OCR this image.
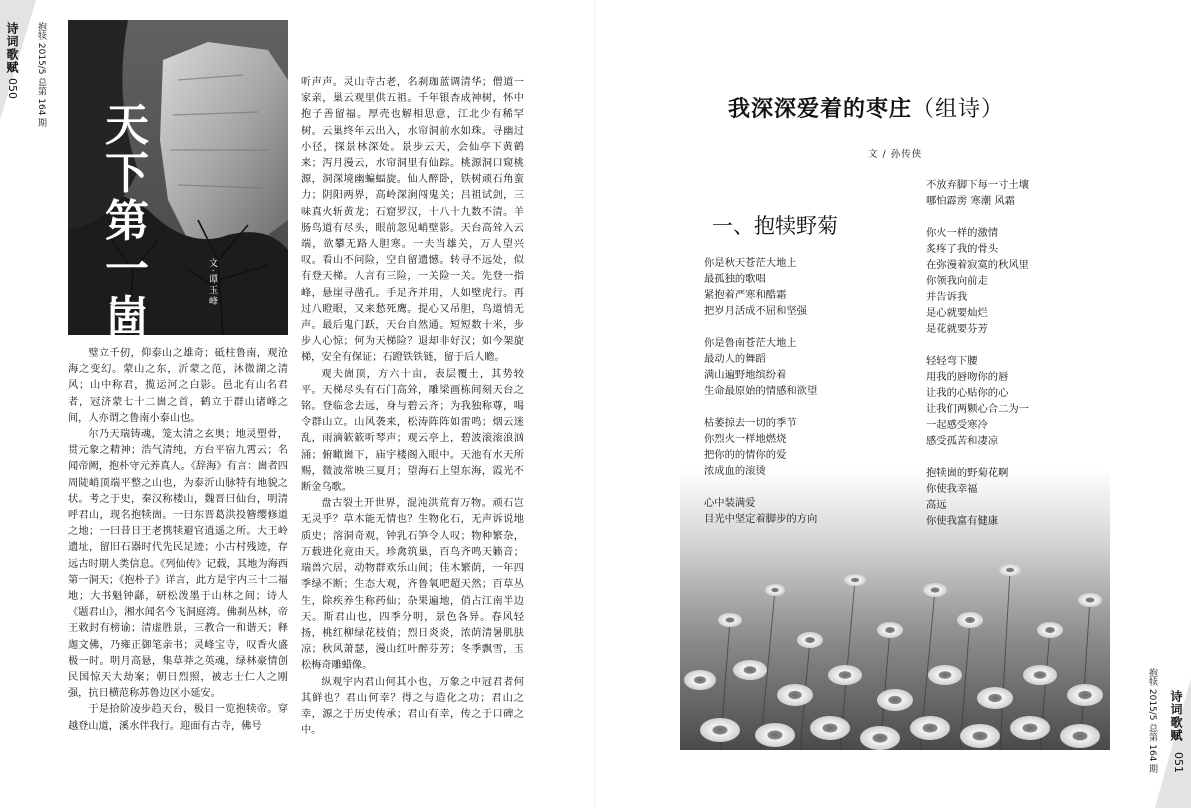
诗词歌赋
050 抱犊 2015/5 总第 164 期 天
下
第
一
崮
赋
文·谭玉峰

璧立千仞，仰泰山之雄奇；砥柱鲁南，观沧海之变幻。蒙山之东，沂蒙之范，沐微湖之清风；山中称君，揽运河之白影。邑北有山名君者，冠济蒙七十二崮之首，鹤立于群山诸峰之间，人亦谓之鲁南小泰山也。

尔乃天瑞铸魂，笼太清之玄奥；地灵塑骨，贯元象之精神；浩气清纯，方台平宿九霄云；名闻帝阙，抱朴守元养真人。《辞海》有言：崮者四周陡峭顶端平整之山也，为泰沂山脉特有地貌之状。考之于史，秦汉称楼山，魏晋曰仙台，明清呼君山，现名抱犊崮。一曰东晋葛洪投簪缨修道之地；一曰昔日王老携犊避官逍遥之所。大王岭遗址，留旧石器时代先民足迹；小古村残迹，存远古时期人类信息。《列仙传》记载，其地为海西第一洞天；《抱朴子》详言，此方是宇内三十二福地；大书魁钟繇，研松泼墨于山林之间；诗人《题君山》，湘水闻名今飞洞庭湾。佛刹丛林，帝王敕封有榜谕；清虚胜景，三教合一和谐天；释迦文佛，乃雍正御笔亲书；灵峰宝寺，叹香火盛极一时。明月高悬，集草莽之英魂，绿林豪情创民国惊天大劫案；朝日烈照，被志士仁人之刚强，抗日横范称苏鲁边区小延安。

于是拾阶凌步趋天台，极目一览抱犊帝。穿越登山道，溪水伴我行。迎面有古寺，佛号

听声声。灵山寺古老，名刹珈蓝调清华；僧道一家亲，巢云观里供五祖。千年银杏成神树，怀中抱子善留福。厚壳也解相思意，江北少有稀罕树。云巢终年云出入，水帘洞前水如珠。寻幽过小径，探景林深处。景步云天，会仙亭下黄鹤来；泻月漫云，水帘洞里有仙踪。桃源洞口窥桃源，洞深境幽蝙蝠旋。仙人醉卧，铁树顽石角蛮力；阴阳两界，高岭深涧闯鬼关；吕祖试剑，三味真火斩黄龙；石窟罗汉，十八十九数不清。羊肠鸟道有尽头，眼前忽见峭壁影。天台高耸入云端，欲攀无路人胆寒。一夫当雄关，万人望兴叹。看山不问险，空自留遗憾。转寻不远处，似有登天梯。人言有三险，一关险一关。先登一指峰，悬崖寻凿孔。手足齐并用，人如壁虎行。再过八瞪眼，又来愁死鹰。提心又吊胆，鸟道悄无声。最后鬼门跃，天台自然通。短短数十米，步步人心惊；何为天梯险？退却非好汉；如今架旋梯，安全有保证；石蹬铁铁链，留于后人瞻。

观夫崮顶，方六十亩，表层覆土，其势较平。天梯尽头有石门高耸，雕梁画栋间刻天台之铭。登临念去远，身与碧云齐；为我独称尊，喝令群山立。山风袭来，松涛阵阵如雷鸣；烟云迷乱，雨滴簌簌听琴声；观云亭上，碧波滚滚浪汹涌；俯瞰崮下，庙宇楼阁入眼中。天池有水天所赐，微波常映三夏月；望海石上望东海，霞光不断金乌歌。

盘古裂土开世界，混沌洪荒育万物。顽石岂无灵乎？草木能无情也？生物化石，无声诉说地质史；溶洞奇观，钟乳石笋令人叹；物种繁杂，万载进化竟由天。珍禽筑巢，百鸟齐鸣天籁音；瑞兽穴居，动物群欢乐山间；佳木繁荫，一年四季绿不断；生态大观，齐鲁氧吧超天然；百草丛生，除疾养生称药仙；杂果遍地，俏占江南半边天。斯君山也，四季分明，景色各异。春风轻扬，桃红柳绿花枝俏；烈日炎炎，浓荫清暑肌肤凉；秋风萧瑟，漫山红叶醉芬芳；冬季飘雪，玉松梅奇雕蜡像。

纵观宇内君山何其小也，万象之中冠君者何其鲜也？君山何幸？得之与造化之功；君山之幸，源之于历史传承；君山有幸，传之于口碑之中。	诗词歌赋
051
抱犊 2015/5 总第 164 期
我深深爱着的枣庄（组诗）
文 / 孙传侠
一、抱犊野菊
你是秋天苍茫大地上
最孤独的歌唱
紧抱着严寒和酷霜
把岁月活成不屈和坚强
你是鲁南苍茫大地上
最动人的舞蹈
满山遍野地缤纷着
生命最原始的情感和欲望
枯萎掠去一切的季节
你烈火一样地燃烧
把你的的情你的爱
浓成血的滚烫
心中装满爱
目光中坚定着脚步的方向
不放弃脚下每一寸土壤
哪怕霹雳 寒潮 风霜
你火一样的激情
炙疼了我的骨头
在弥漫着寂寞的秋风里
你领我向前走
并告诉我
是心就要灿烂
是花就要芬芳
轻轻弯下腰
用我的唇吻你的唇
让我的心贴你的心
让我们两颗心合二为一
一起感受寒冷
感受孤苦和凄凉
抱犊崮的野菊花啊
你使我幸福
高远
你使我富有健康
